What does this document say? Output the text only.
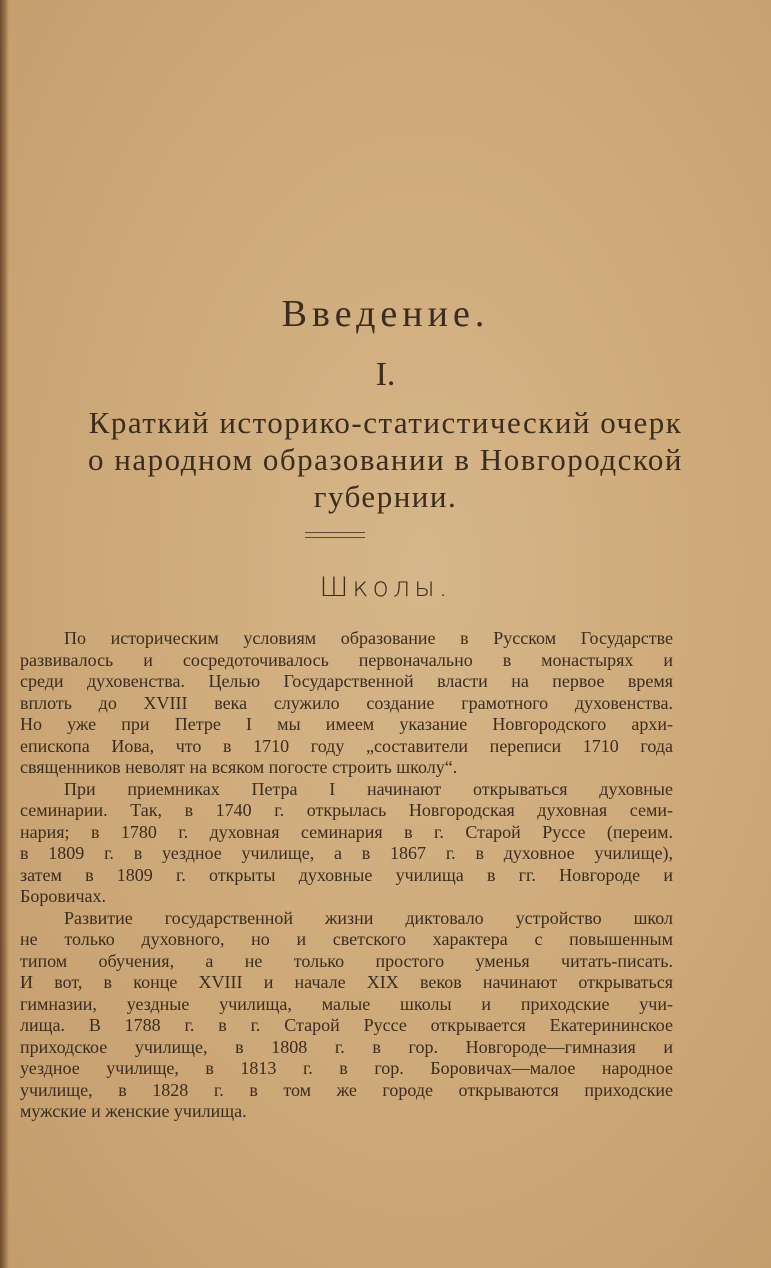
Введение.
I.
Краткий историко-статистический очерк
о народном образовании в Новгородской
губернии.
Школы.
По историческим условиям образование в Русском Государстве
развивалось и сосредоточивалось первоначально в монастырях и
среди духовенства. Целью Государственной власти на первое время
вплоть до XVIII века служило создание грамотного духовенства.
Но уже при Петре I мы имеем указание Новгородского архи-
епископа Иова, что в 1710 году „составители переписи 1710 года
священников неволят на всяком погосте строить школу“.
При приемниках Петра I начинают открываться духовные
семинарии. Так, в 1740 г. открылась Новгородская духовная семи-
нария; в 1780 г. духовная семинария в г. Старой Руссе (переим.
в 1809 г. в уездное училище, а в 1867 г. в духовное училище),
затем в 1809 г. открыты духовные училища в гг. Новгороде и
Боровичах.
Развитие государственной жизни диктовало устройство школ
не только духовного, но и светского характера с повышенным
типом обучения, а не только простого уменья читать-писать.
И вот, в конце XVIII и начале XIX веков начинают открываться
гимназии, уездные училища, малые школы и приходские учи-
лища. В 1788 г. в г. Старой Руссе открывается Екатерининское
приходское училище, в 1808 г. в гор. Новгороде—гимназия и
уездное училище, в 1813 г. в гор. Боровичах—малое народное
училище, в 1828 г. в том же городе открываются приходские
мужские и женские училища.
